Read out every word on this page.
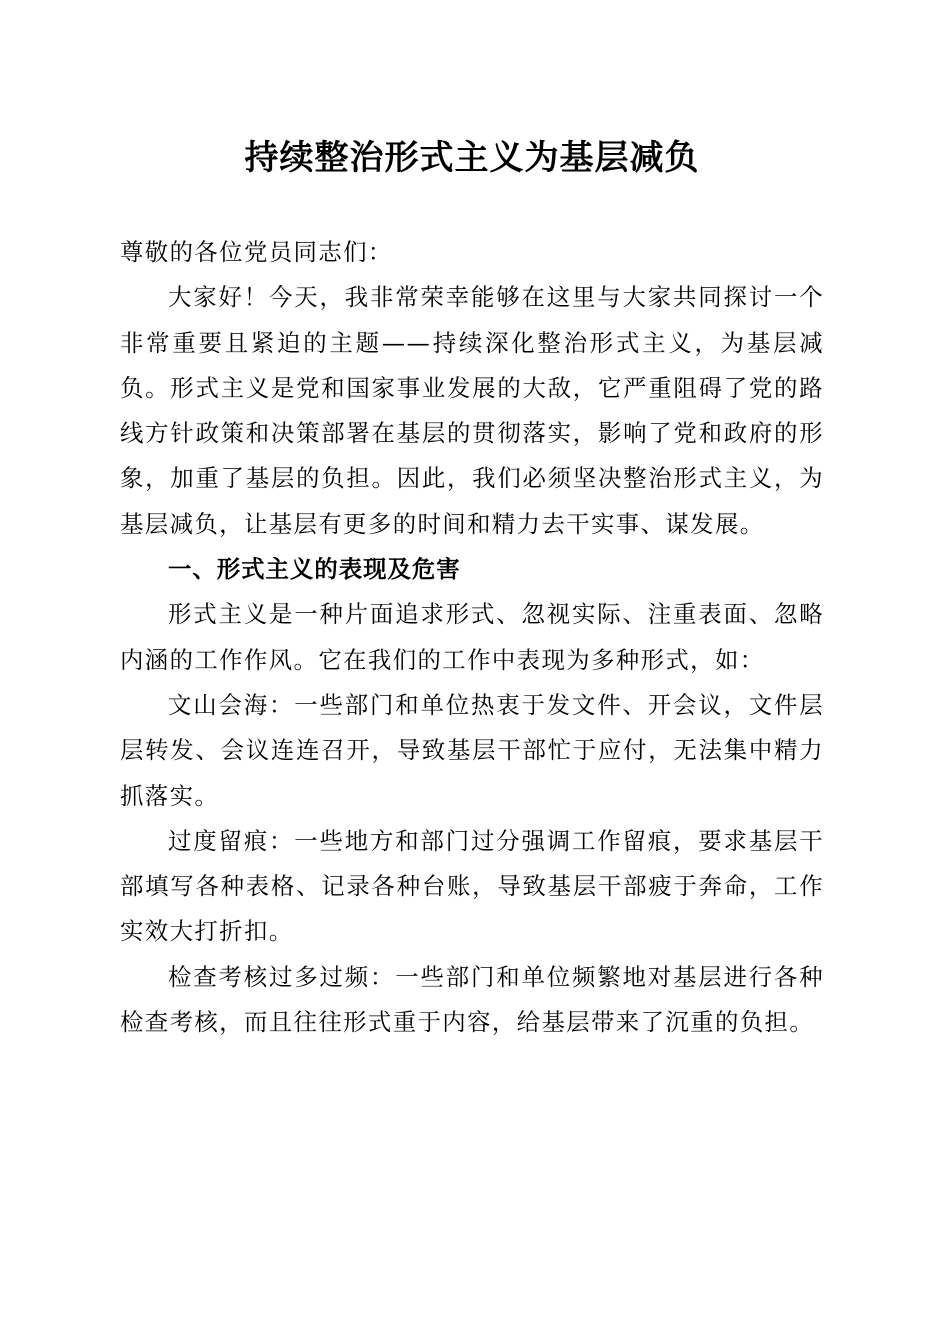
持续整治形式主义为基层减负

尊敬的各位党员同志们：

大家好！今天，我非常荣幸能够在这里与大家共同探讨一个非常重要且紧迫的主题——持续深化整治形式主义，为基层减负。形式主义是党和国家事业发展的大敌，它严重阻碍了党的路线方针政策和决策部署在基层的贯彻落实，影响了党和政府的形象，加重了基层的负担。因此，我们必须坚决整治形式主义，为基层减负，让基层有更多的时间和精力去干实事、谋发展。

一、形式主义的表现及危害

形式主义是一种片面追求形式、忽视实际、注重表面、忽略内涵的工作作风。它在我们的工作中表现为多种形式，如：

文山会海：一些部门和单位热衷于发文件、开会议，文件层层转发、会议连连召开，导致基层干部忙于应付，无法集中精力抓落实。

过度留痕：一些地方和部门过分强调工作留痕，要求基层干部填写各种表格、记录各种台账，导致基层干部疲于奔命，工作实效大打折扣。

检查考核过多过频：一些部门和单位频繁地对基层进行各种检查考核，而且往往形式重于内容，给基层带来了沉重的负担。
